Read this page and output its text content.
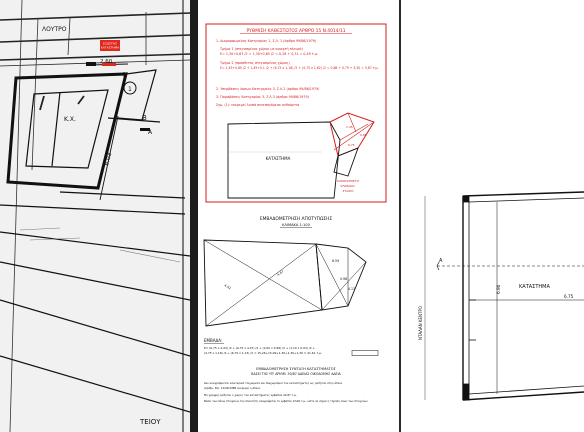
ΕΞΩΣΤΗΣ
ΚΑΤΑΣΤΗΜΑ
ΛΟΥΤΡΟ
Κ.Χ.
2.60
6.03
B
1
A
ΤΕΙΟΥ
ΡΥΘΜΙΣΗ ΚΑΘΕΣΤΩΤΟΣ ΑΡΘΡΟ 15 Ν.4014/11
1. Διαμορφωμένος Κατηγορίας 1, Σ.Λ. 1 (άρθρο 99/86/1979)
Τμήμα 1 (στεγασμένος χώρος με ανοιχτή πλευρά)
Ε= 1,30+0,63 /2 = 1,30+0,65 /2 = 0,28 + 0,31 = 0,49 τ.μ.
Τμήμα 2 (πρόσθετος στεγασμένος χώρος)
Ε= 1,45+0,80 /2 + 1,45+0,1 /2 + (6,75 x 1,18) /2 + (4,75 x 1,62) /2 = 0,88 + 0,79 + 3,50 = 5,87 τ.μ.
2. Υπερβάσεις όψεων Κατηγορίας 3, Σ.Λ.2 (άρθρο 99/86/1979)
3. Παραβάσεις Κατηγορίας 3, Σ.Λ.3 (άρθρο 99/86/1979)
Σημ. (1): εκκρεμεί λοιπά συνεπαγόμενα αυθαίρετα
ΚΑΤΑΣΤΗΜΑ
ΚΟΙΝΟΧΡΗΣΤΟ
ΚΛΙΜΑΚΟ-
ΣΤΑΣΙΟ
1.45
0.80
6.75
ΕΜΒΑΔΟΜΕΤΡΗΣΗ ΑΠΟΤΥΠΩΣΗΣ
ΚΛΙΜΑΚΑ 1:100
4.52
4.47
6.59
0.98
4.13
ΕΜΒΑΔΑ:
E= (6,75 x 4,43) /2 + (6,75 x 4,47) /2 + (2,00 x 0,98) /2 + (1,10 x 0,93) /2 +
(4,75 x 1,18) /2 + (6,75 x 1,13) /2 = 15,26+15,09+1,30+1,30+1,30 = 41,61 τ.μ.
ΕΜΒΑΔΟΜΕΤΡΗΣΗ ΣΥΝΤΑΞΗ ΚΑΤΑΣΤΗΜΑΤΟΣ
ΒΑΣΕΙ ΤΗΣ ΥΠ' ΑΡΙΘΜ. 30/87 ΑΔΕΙΑΣ ΟΙΚΟΔΟΜΗΣ ΑΔΕΙΑ
Δεν αναγράφονται εσωτερικά τοιχώματα και διαχωρισμοί του καταστήματος ως ορίζεται στην άδεια
(Αρίθμ. 30), 12/09/1988 εκκρεμεί η άδεια.
Με γραμμή ορίζεται ο χώρος του καταστήματος εμβαδού 40,87 τ.μ.
Βάσει των πάνω στοιχείων του ιδιοκτήτη αναγράφεται το εμβαδόν 0,520 τ.μ., ώστε να ισχύει η τήρηση όλων των στοιχείων.
A
ΚΑΤΑΣΤΗΜΑ
6.90
6.75
ΝΤΑΛΑΝ ΚΕΝΤΡΟ
